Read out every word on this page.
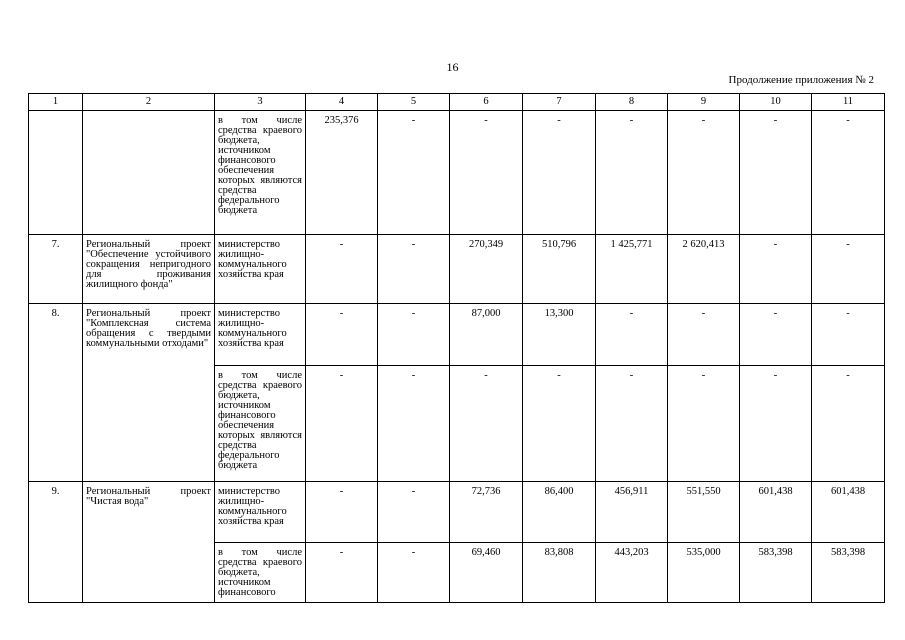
16
Продолжение приложения № 2
1	2	3	4	5	6	7	8	9	10	11
		в том числе средства краевого бюджета, источником финансового обеспечения которых являются средства федерального бюджета	235,376	-	-	-	-	-	-	-
7.	Региональный проект "Обеспечение устойчивого сокращения непригодного для проживания жилищного фонда"	министерство жилищно-коммунального хозяйства края	-	-	270,349	510,796	1 425,771	2 620,413	-	-
8.	Региональный проект "Комплексная система обращения с твердыми коммунальными отходами"	министерство жилищно-коммунального хозяйства края	-	-	87,000	13,300	-	-	-	-
		в том числе средства краевого бюджета, источником финансового обеспечения которых являются средства федерального бюджета	-	-	-	-	-	-	-	-
9.	Региональный проект "Чистая вода"	министерство жилищно-коммунального хозяйства края	-	-	72,736	86,400	456,911	551,550	601,438	601,438
		в том числе средства краевого бюджета, источником финансового	-	-	69,460	83,808	443,203	535,000	583,398	583,398
